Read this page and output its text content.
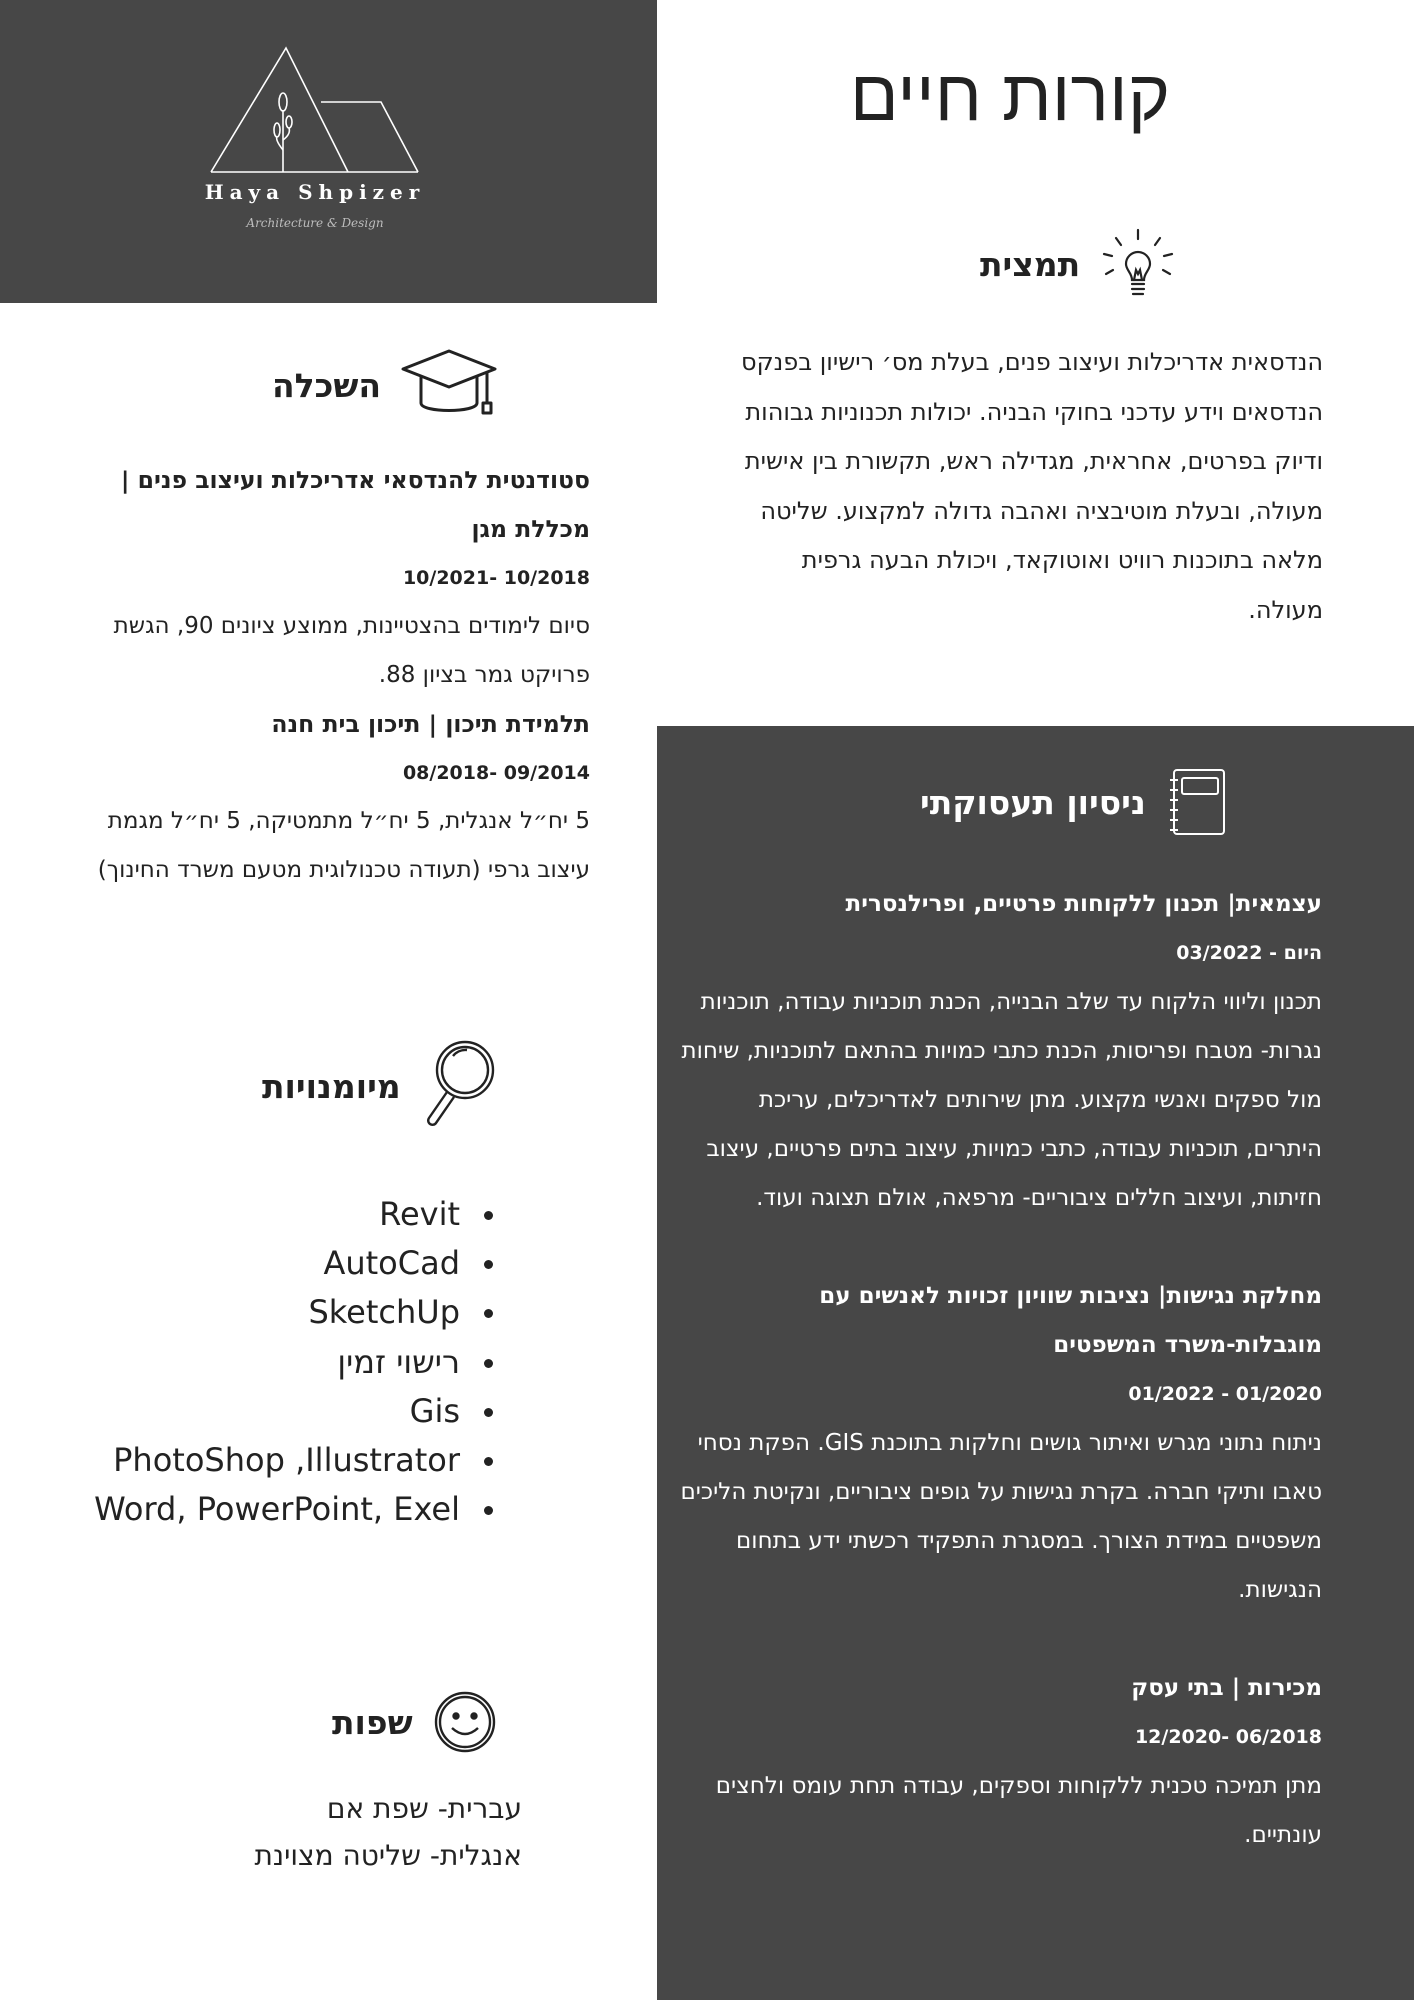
Haya Shpizer
Architecture & Design
קורות חיים
תמצית
הנדסאית אדריכלות ועיצוב פנים, בעלת מס׳ רישיון בפנקס הנדסאים וידע עדכני בחוקי הבניה. יכולות תכנוניות גבוהות ודיוק בפרטים, אחראית, מגדילה ראש, תקשורת בין אישית מעולה, ובעלת מוטיבציה ואהבה גדולה למקצוע. שליטה מלאה בתוכנות רוויט ואוטוקאד, ויכולת הבעה גרפית מעולה.
השכלה
סטודנטית להנדסאי אדריכלות ועיצוב פנים | מכללת מגן
10/2018 -10/2021
סיום לימודים בהצטיינות, ממוצע ציונים 90, הגשת פרויקט גמר בציון 88.
תלמידת תיכון | תיכון בית חנה
09/2014 -08/2018
5 יח״ל אנגלית, 5 יח״ל מתמטיקה, 5 יח״ל מגמת עיצוב גרפי (תעודה טכנולוגית מטעם משרד החינוך)
מיומנויות
Revit
AutoCad
SketchUp
רישוי זמין
Gis
PhotoShop ,Illustrator
Word, PowerPoint, Exel
שפות
עברית- שפת אם
אנגלית- שליטה מצוינת
ניסיון תעסוקתי
עצמאית| תכנון ללקוחות פרטיים, ופרילנסרית
היום - 03/2022
תכנון וליווי הלקוח עד שלב הבנייה, הכנת תוכניות עבודה, תוכניות נגרות- מטבח ופריסות, הכנת כתבי כמויות בהתאם לתוכניות, שיחות מול ספקים ואנשי מקצוע. מתן שירותים לאדריכלים, עריכת היתרים, תוכניות עבודה, כתבי כמויות, עיצוב בתים פרטיים, עיצוב חזיתות, ועיצוב חללים ציבוריים- מרפאה, אולם תצוגה ועוד.
מחלקת נגישות| נציבות שוויון זכויות לאנשים עם מוגבלות-משרד המשפטים
01/2020 - 01/2022
ניתוח נתוני מגרש ואיתור גושים וחלקות בתוכנת GIS. הפקת נסחי טאבו ותיקי חברה. בקרת נגישות על גופים ציבוריים, ונקיטת הליכים משפטיים במידת הצורך. במסגרת התפקיד רכשתי ידע בתחום הנגישות.
מכירות | בתי עסק
06/2018 -12/2020
מתן תמיכה טכנית ללקוחות וספקים, עבודה תחת עומס ולחצים עונתיים.
